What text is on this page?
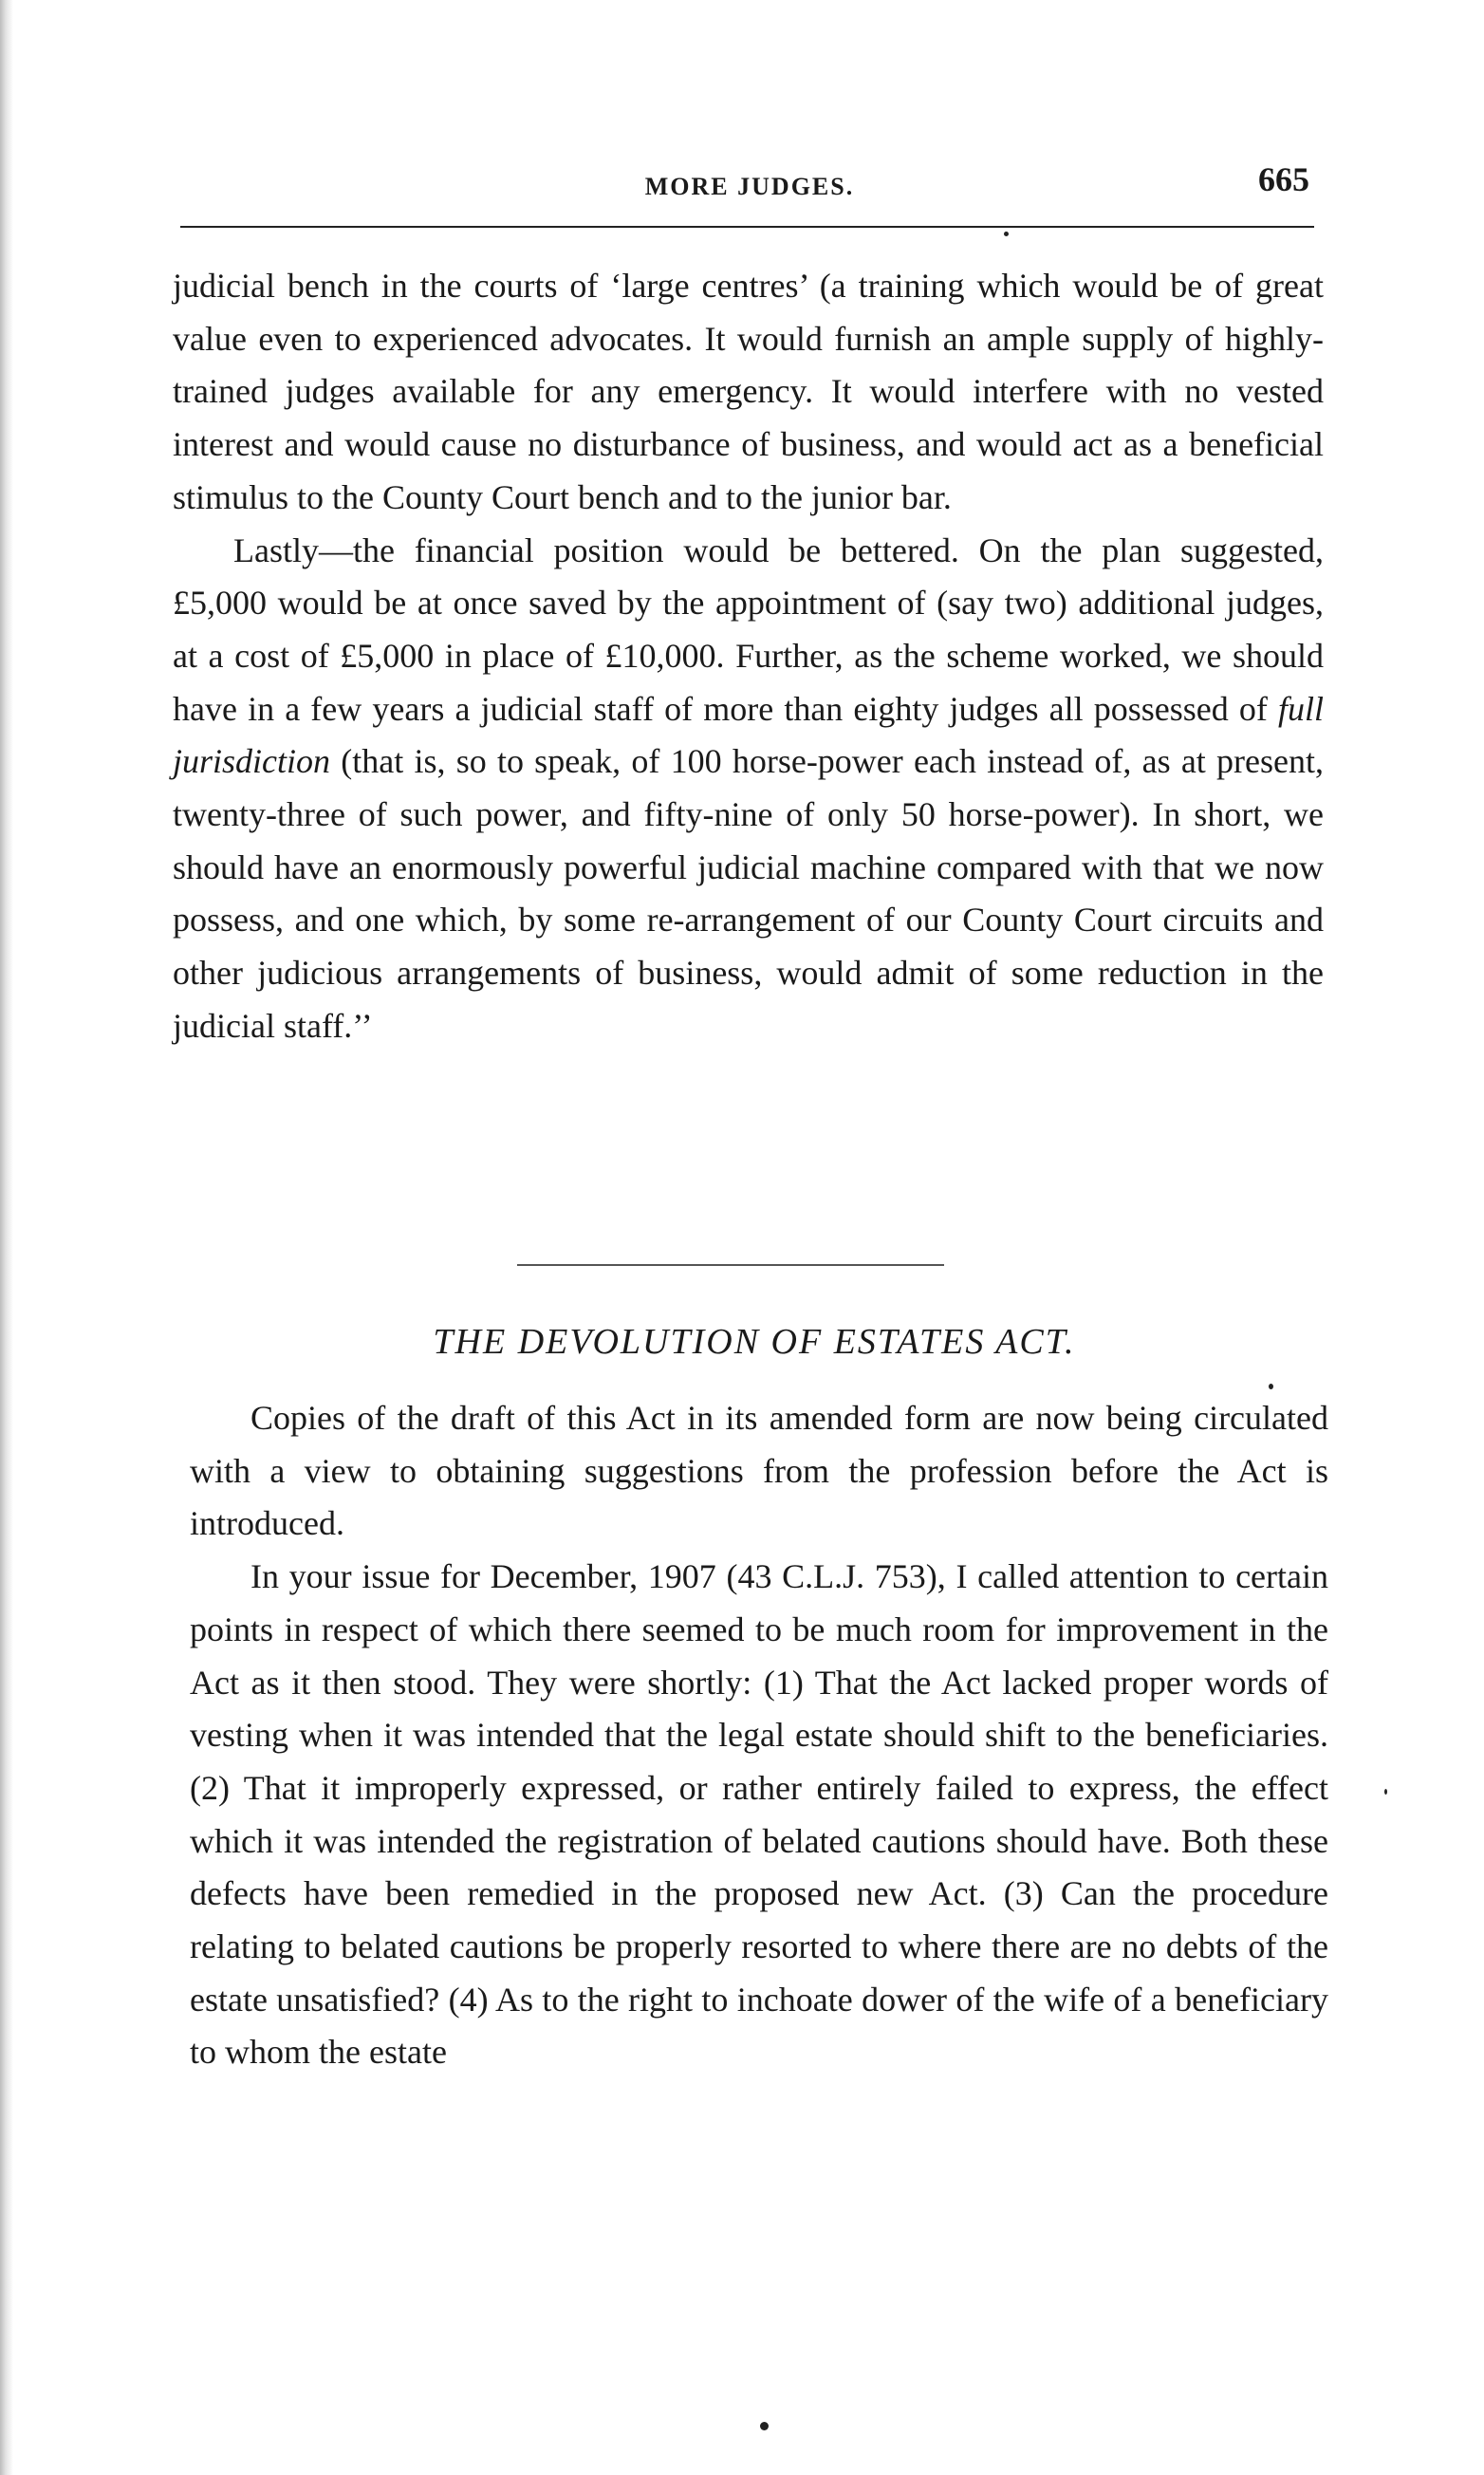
MORE JUDGES.	665

judicial bench in the courts of ‘large centres’ (a training which would be of great value even to experienced advocates. It would furnish an ample supply of highly-trained judges available for any emergency. It would interfere with no vested interest and would cause no disturbance of business, and would act as a beneficial stimulus to the County Court bench and to the junior bar.

Lastly—the financial position would be bettered. On the plan suggested, £5,000 would be at once saved by the appointment of (say two) additional judges, at a cost of £5,000 in place of £10,000. Further, as the scheme worked, we should have in a few years a judicial staff of more than eighty judges all possessed of full jurisdiction (that is, so to speak, of 100 horse-power each instead of, as at present, twenty-three of such power, and fifty-nine of only 50 horse-power). In short, we should have an enormously powerful judicial machine compared with that we now possess, and one which, by some re-arrangement of our County Court circuits and other judicious arrangements of business, would admit of some reduction in the judicial staff.’’

THE DEVOLUTION OF ESTATES ACT.

Copies of the draft of this Act in its amended form are now being circulated with a view to obtaining suggestions from the profession before the Act is introduced.

In your issue for December, 1907 (43 C.L.J. 753), I called attention to certain points in respect of which there seemed to be much room for improvement in the Act as it then stood. They were shortly: (1) That the Act lacked proper words of vesting when it was intended that the legal estate should shift to the beneficiaries. (2) That it improperly expressed, or rather entirely failed to express, the effect which it was intended the registration of belated cautions should have. Both these defects have been remedied in the proposed new Act. (3) Can the procedure relating to belated cautions be properly resorted to where there are no debts of the estate unsatisfied? (4) As to the right to inchoate dower of the wife of a beneficiary to whom the estate
